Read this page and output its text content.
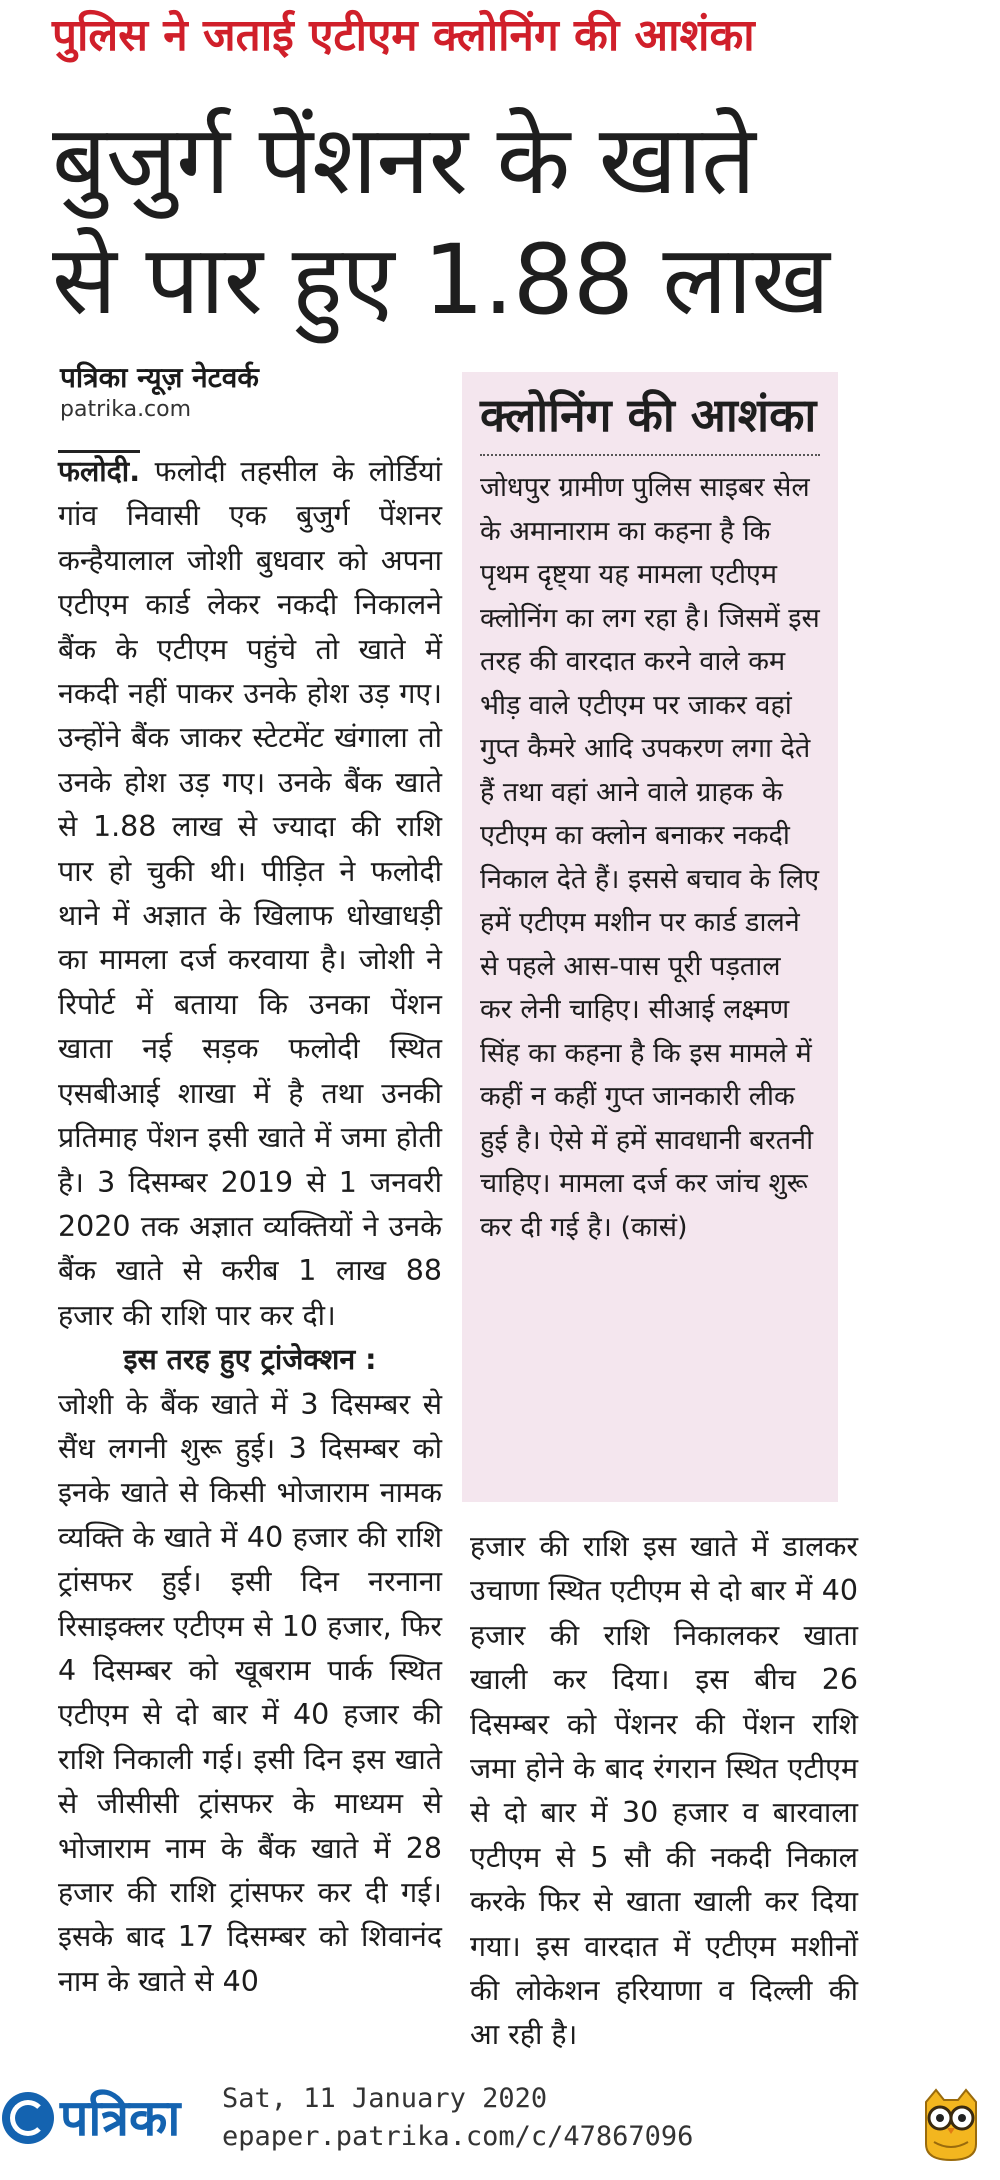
पुलिस ने जताई एटीएम क्लोनिंग की आशंका
बुजुर्ग पेंशनर के खाते
से पार हुए 1.88 लाख
पत्रिका न्यूज़ नेटवर्क
patrika.com

फलोदी. फलोदी तहसील के लोर्डियां गांव निवासी एक बुजुर्ग पेंशनर कन्हैयालाल जोशी बुधवार को अपना एटीएम कार्ड लेकर नकदी निकालने बैंक के एटीएम पहुंचे तो खाते में नकदी नहीं पाकर उनके होश उड़ गए। उन्होंने बैंक जाकर स्टेटमेंट खंगाला तो उनके होश उड़ गए। उनके बैंक खाते से 1.88 लाख से ज्यादा की राशि पार हो चुकी थी। पीड़ित ने फलोदी थाने में अज्ञात के खिलाफ धोखाधड़ी का मामला दर्ज करवाया है। जोशी ने रिपोर्ट में बताया कि उनका पेंशन खाता नई सड़क फलोदी स्थित एसबीआई शाखा में है तथा उनकी प्रतिमाह पेंशन इसी खाते में जमा होती है। 3 दिसम्बर 2019 से 1 जनवरी 2020 तक अज्ञात व्यक्तियों ने उनके बैंक खाते से करीब 1 लाख 88 हजार की राशि पार कर दी।

इस तरह हुए ट्रांजेक्शन :

जोशी के बैंक खाते में 3 दिसम्बर से सैंध लगनी शुरू हुई। 3 दिसम्बर को इनके खाते से किसी भोजाराम नामक व्यक्ति के खाते में 40 हजार की राशि ट्रांसफर हुई। इसी दिन नरनाना रिसाइक्लर एटीएम से 10 हजार, फिर 4 दिसम्बर को खूबराम पार्क स्थित एटीएम से दो बार में 40 हजार की राशि निकाली गई। इसी दिन इस खाते से जीसीसी ट्रांसफर के माध्यम से भोजाराम नाम के बैंक खाते में 28 हजार की राशि ट्रांसफर कर दी गई। इसके बाद 17 दिसम्बर को शिवानंद नाम के खाते से 40

क्लोनिंग की आशंका
जोधपुर ग्रामीण पुलिस साइबर सेल के अमानाराम का कहना है कि पृथम दृष्ट्या यह मामला एटीएम क्लोनिंग का लग रहा है। जिसमें इस तरह की वारदात करने वाले कम भीड़ वाले एटीएम पर जाकर वहां गुप्त कैमरे आदि उपकरण लगा देते हैं तथा वहां आने वाले ग्राहक के एटीएम का क्लोन बनाकर नकदी निकाल देते हैं। इससे बचाव के लिए हमें एटीएम मशीन पर कार्ड डालने से पहले आस-पास पूरी पड़ताल कर लेनी चाहिए। सीआई लक्ष्मण सिंह का कहना है कि इस मामले में कहीं न कहीं गुप्त जानकारी लीक हुई है। ऐसे में हमें सावधानी बरतनी चाहिए। मामला दर्ज कर जांच शुरू कर दी गई है। (कासं)

हजार की राशि इस खाते में डालकर उचाणा स्थित एटीएम से दो बार में 40 हजार की राशि निकालकर खाता खाली कर दिया। इस बीच 26 दिसम्बर को पेंशनर की पेंशन राशि जमा होने के बाद रंगरान स्थित एटीएम से दो बार में 30 हजार व बारवाला एटीएम से 5 सौ की नकदी निकाल करके फिर से खाता खाली कर दिया गया। इस वारदात में एटीएम मशीनों की लोकेशन हरियाणा व दिल्ली की आ रही है।

पत्रिका Sat, 11 January 2020
epaper.patrika.com/c/47867096
